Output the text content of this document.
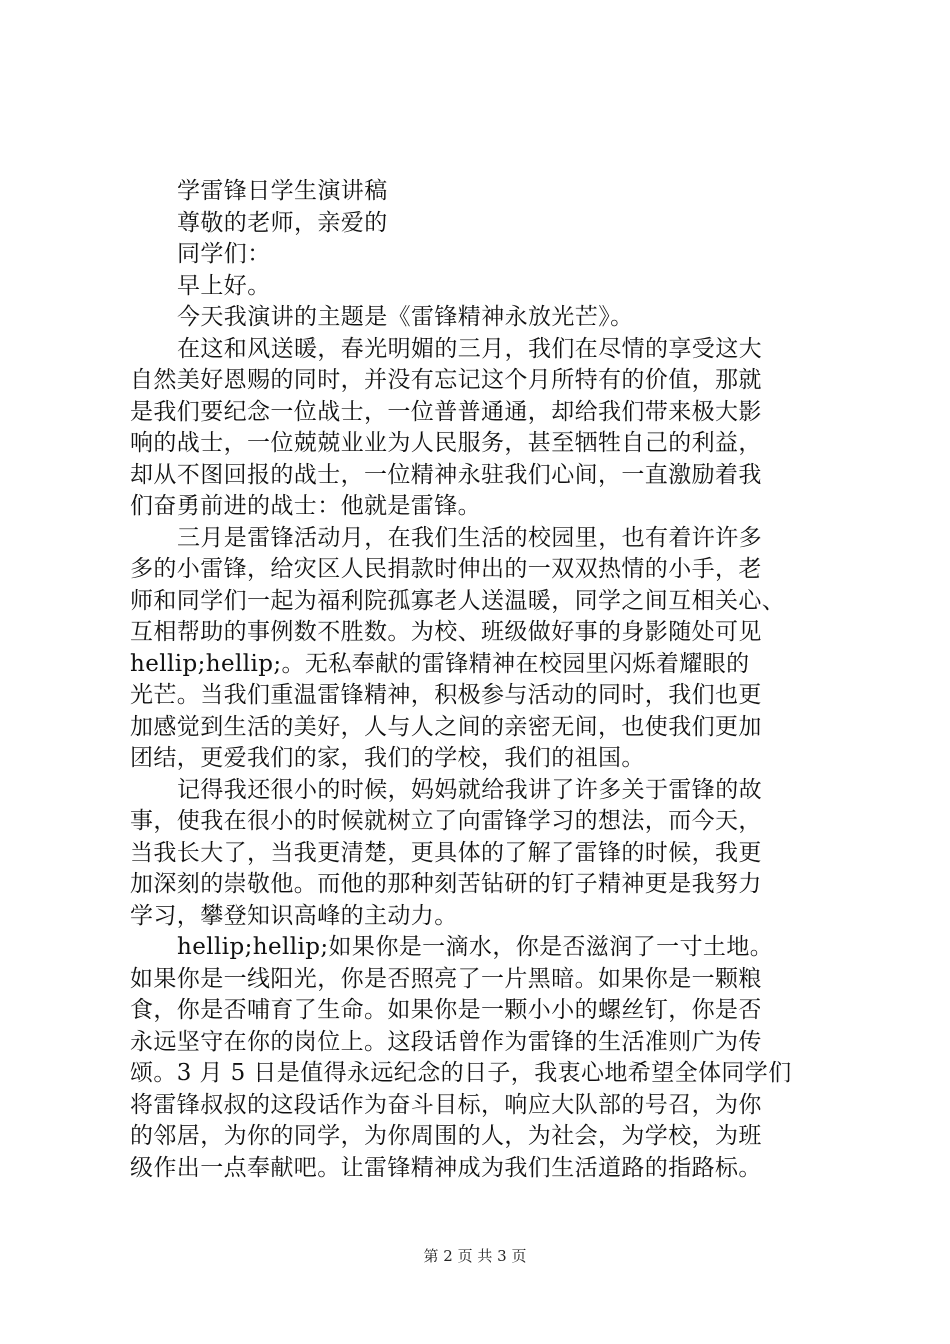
学雷锋日学生演讲稿
尊敬的老师，亲爱的
同学们：
早上好。
今天我演讲的主题是《雷锋精神永放光芒》。
在这和风送暖，春光明媚的三月，我们在尽情的享受这大
自然美好恩赐的同时，并没有忘记这个月所特有的价值，那就
是我们要纪念一位战士，一位普普通通，却给我们带来极大影
响的战士，一位兢兢业业为人民服务，甚至牺牲自己的利益，
却从不图回报的战士，一位精神永驻我们心间，一直激励着我
们奋勇前进的战士：他就是雷锋。
三月是雷锋活动月，在我们生活的校园里，也有着许许多
多的小雷锋，给灾区人民捐款时伸出的一双双热情的小手，老
师和同学们一起为福利院孤寡老人送温暖，同学之间互相关心、
互相帮助的事例数不胜数。为校、班级做好事的身影随处可见
hellip;hellip;。无私奉献的雷锋精神在校园里闪烁着耀眼的
光芒。当我们重温雷锋精神，积极参与活动的同时，我们也更
加感觉到生活的美好，人与人之间的亲密无间，也使我们更加
团结，更爱我们的家，我们的学校，我们的祖国。
记得我还很小的时候，妈妈就给我讲了许多关于雷锋的故
事，使我在很小的时候就树立了向雷锋学习的想法，而今天，
当我长大了，当我更清楚，更具体的了解了雷锋的时候，我更
加深刻的崇敬他。而他的那种刻苦钻研的钉子精神更是我努力
学习，攀登知识高峰的主动力。
hellip;hellip;如果你是一滴水，你是否滋润了一寸土地。
如果你是一线阳光，你是否照亮了一片黑暗。如果你是一颗粮
食，你是否哺育了生命。如果你是一颗小小的螺丝钉，你是否
永远坚守在你的岗位上。这段话曾作为雷锋的生活准则广为传
颂。3 月 5 日是值得永远纪念的日子，我衷心地希望全体同学们
将雷锋叔叔的这段话作为奋斗目标，响应大队部的号召，为你
的邻居，为你的同学，为你周围的人，为社会，为学校，为班
级作出一点奉献吧。让雷锋精神成为我们生活道路的指路标。
第 2 页 共 3 页
